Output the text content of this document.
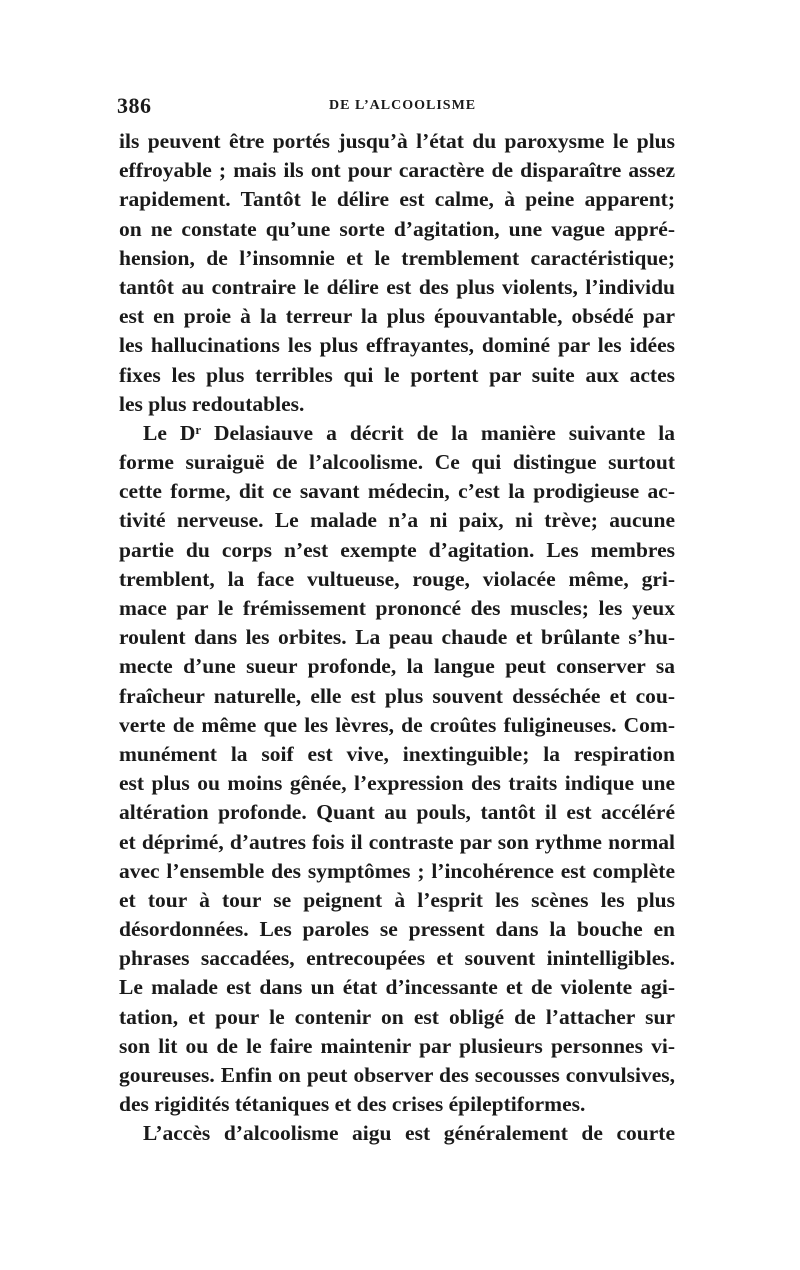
386	DE L’ALCOOLISME
ils peuvent être portés jusqu’à l’état du paroxysme le plus
effroyable ; mais ils ont pour caractère de disparaître assez
rapidement. Tantôt le délire est calme, à peine apparent;
on ne constate qu’une sorte d’agitation, une vague appré-
hension, de l’insomnie et le tremblement caractéristique;
tantôt au contraire le délire est des plus violents, l’individu
est en proie à la terreur la plus épouvantable, obsédé par
les hallucinations les plus effrayantes, dominé par les idées
fixes les plus terribles qui le portent par suite aux actes
les plus redoutables.
Le Dʳ Delasiauve a décrit de la manière suivante la
forme suraiguë de l’alcoolisme. Ce qui distingue surtout
cette forme, dit ce savant médecin, c’est la prodigieuse ac-
tivité nerveuse. Le malade n’a ni paix, ni trève; aucune
partie du corps n’est exempte d’agitation. Les membres
tremblent, la face vultueuse, rouge, violacée même, gri-
mace par le frémissement prononcé des muscles; les yeux
roulent dans les orbites. La peau chaude et brûlante s’hu-
mecte d’une sueur profonde, la langue peut conserver sa
fraîcheur naturelle, elle est plus souvent desséchée et cou-
verte de même que les lèvres, de croûtes fuligineuses. Com-
munément la soif est vive, inextinguible; la respiration
est plus ou moins gênée, l’expression des traits indique une
altération profonde. Quant au pouls, tantôt il est accéléré
et déprimé, d’autres fois il contraste par son rythme normal
avec l’ensemble des symptômes ; l’incohérence est complète
et tour à tour se peignent à l’esprit les scènes les plus
désordonnées. Les paroles se pressent dans la bouche en
phrases saccadées, entrecoupées et souvent inintelligibles.
Le malade est dans un état d’incessante et de violente agi-
tation, et pour le contenir on est obligé de l’attacher sur
son lit ou de le faire maintenir par plusieurs personnes vi-
goureuses. Enfin on peut observer des secousses convulsives,
des rigidités tétaniques et des crises épileptiformes.
L’accès d’alcoolisme aigu est généralement de courte
